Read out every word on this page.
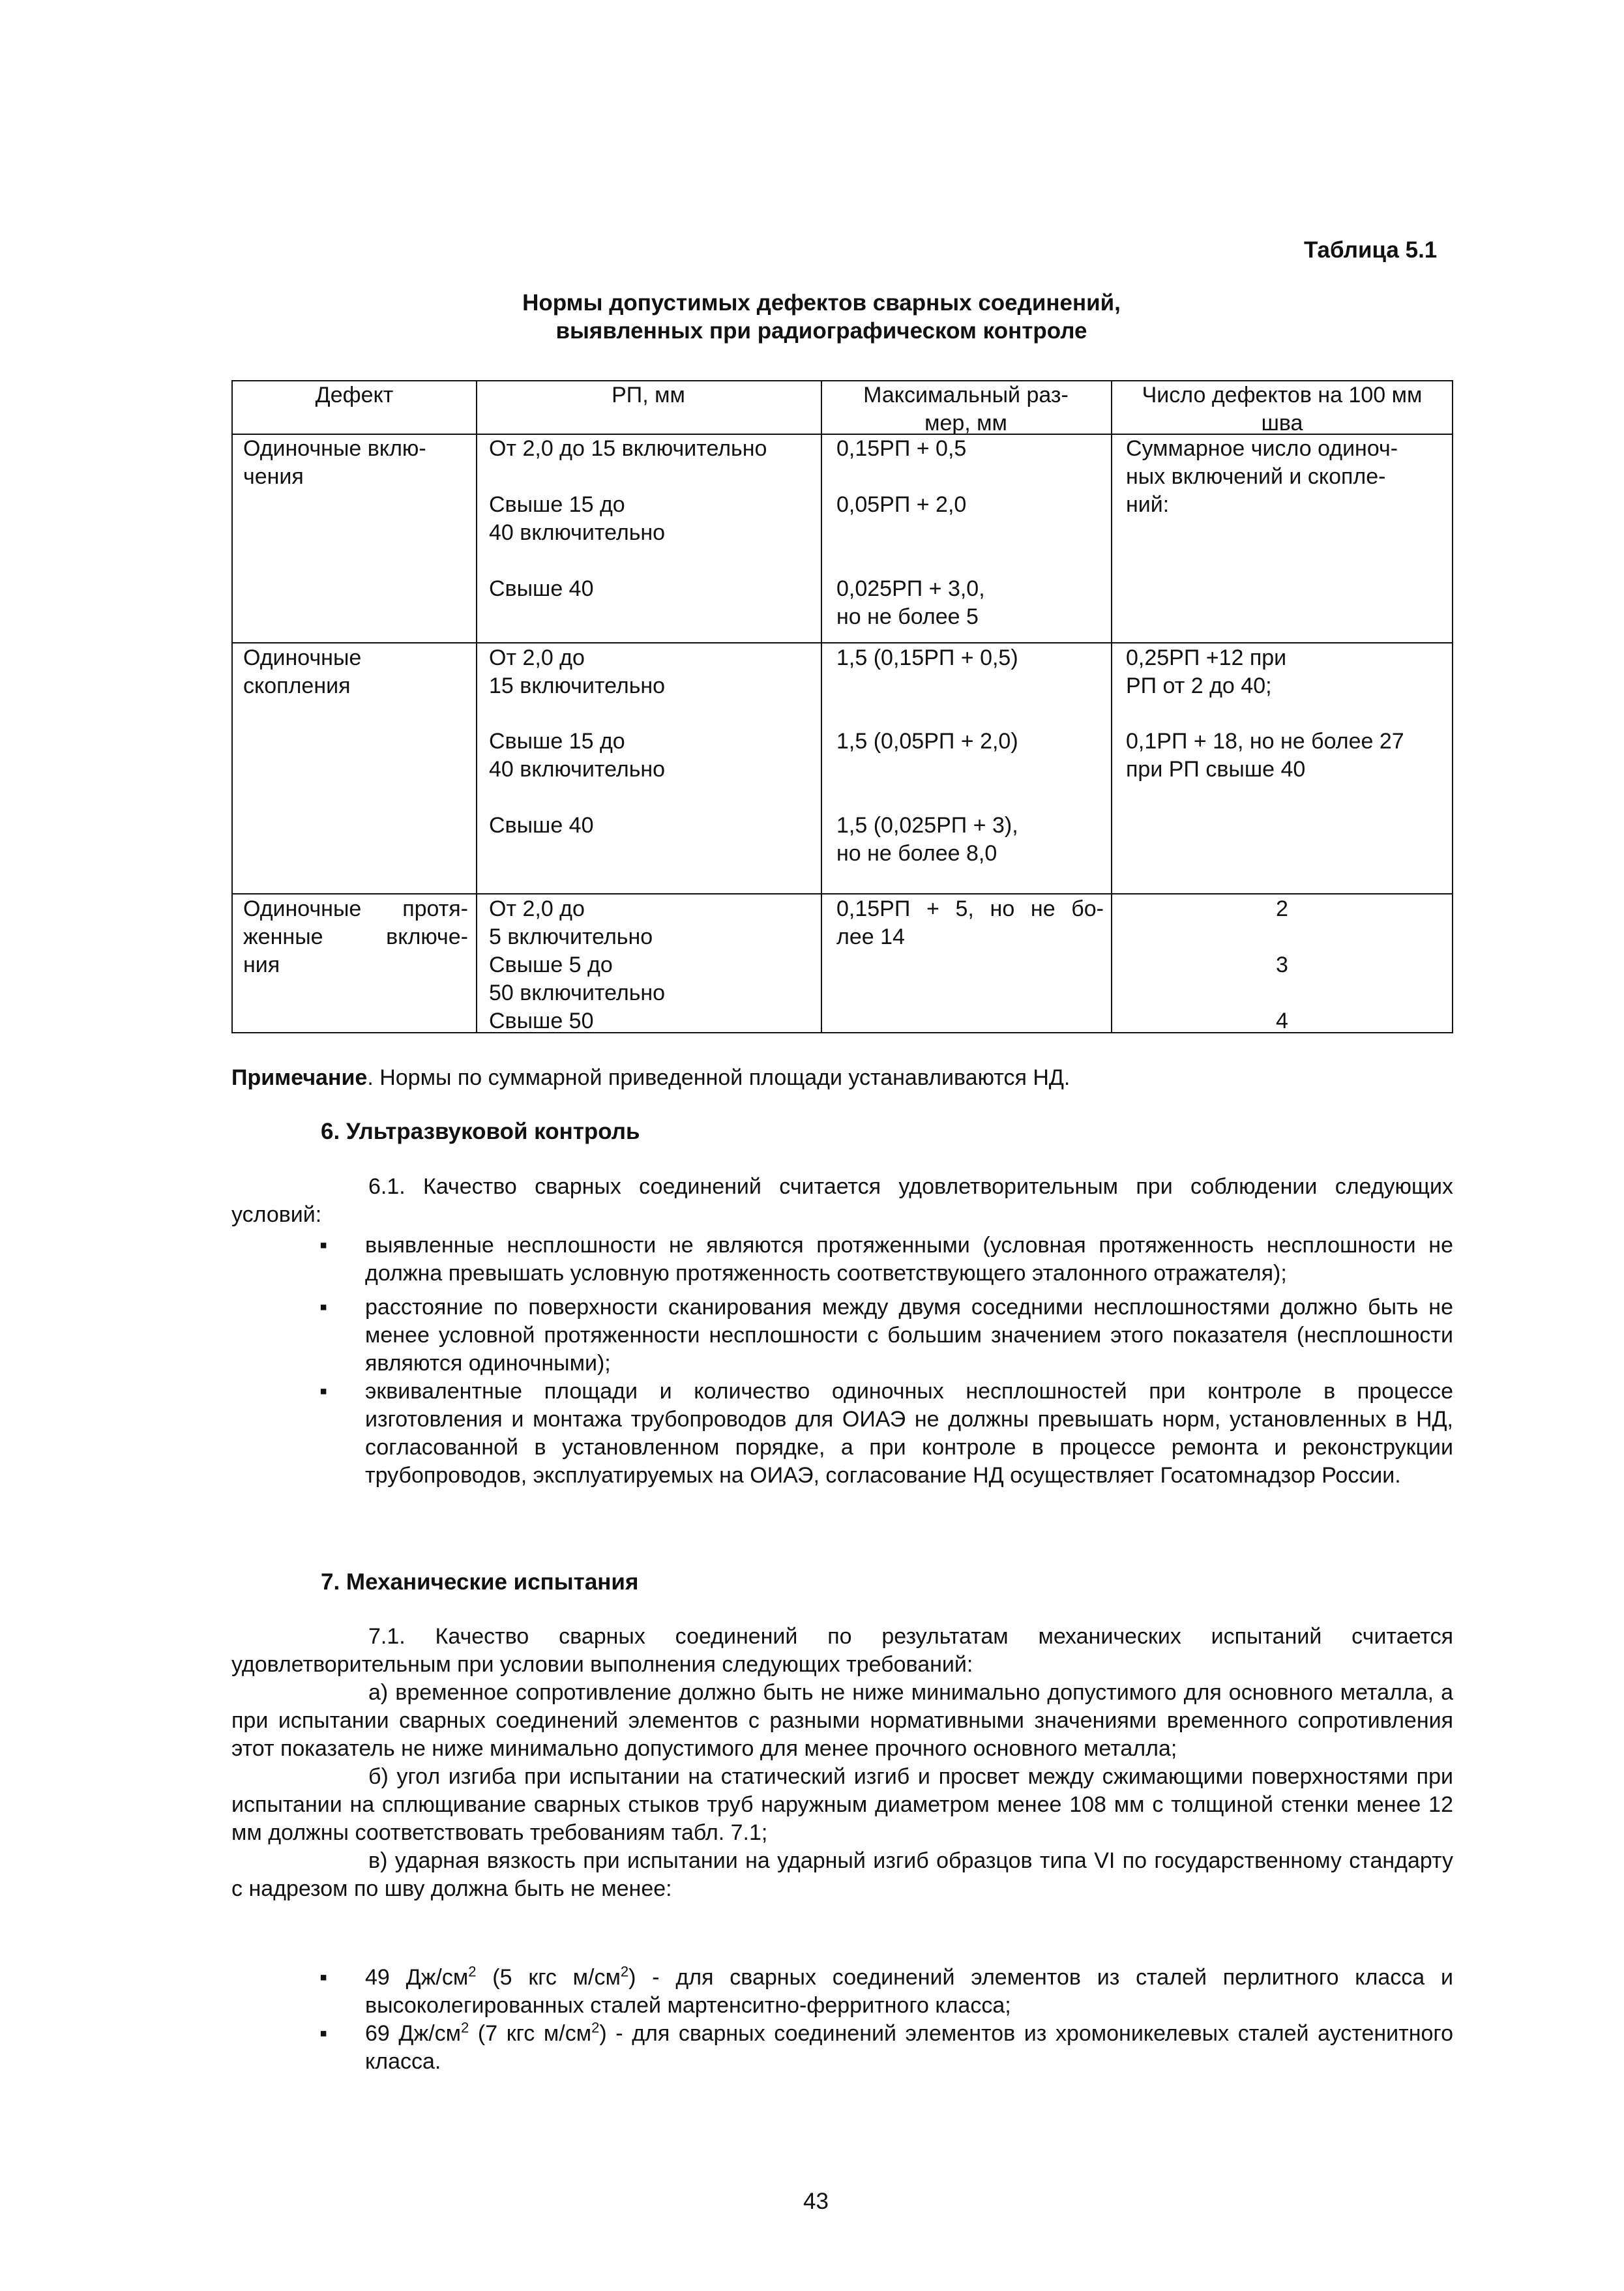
Таблица 5.1
Нормы допустимых дефектов сварных соединений,
выявленных при радиографическом контроле
Дефект	РП, мм	Максимальный раз-
мер, мм
Число дефектов на 100 мм
шва
Одиночные вклю-
чения
От 2,0 до 15 включительно
Свыше 15 до
40 включительно
Свыше 40
0,15РП + 0,5
0,05РП + 2,0
0,025РП + 3,0,
но не более 5
Суммарное число одиноч-
ных включений и скопле-
ний:
Одиночные
скопления
От 2,0 до
15 включительно
Свыше 15 до
40 включительно
Свыше 40
1,5 (0,15РП + 0,5)
1,5 (0,05РП + 2,0)
1,5 (0,025РП + 3),
но не более 8,0
0,25РП +12 при
РП от 2 до 40;
0,1РП + 18, но не более 27
при РП свыше 40
Одиночные протя-
женные включе-
ния
От 2,0 до
5 включительно
Свыше 5 до
50 включительно
Свыше 50
0,15РП + 5, но не бо-
лее 14
2
3
4
Примечание. Нормы по суммарной приведенной площади устанавливаются НД.
6. Ультразвуковой контроль
6.1. Качество сварных соединений считается удовлетворительным при соблюдении следующих условий:
▪ выявленные несплошности не являются протяженными (условная протяженность несплошности не должна превышать условную протяженность соответствующего эталонного отражателя);
▪ расстояние по поверхности сканирования между двумя соседними несплошностями должно быть не менее условной протяженности несплошности с большим значением этого показателя (несплошности являются одиночными);
▪ эквивалентные площади и количество одиночных несплошностей при контроле в процессе изготовления и монтажа трубопроводов для ОИАЭ не должны превышать норм, установленных в НД, согласованной в установленном порядке, а при контроле в процессе ремонта и реконструкции трубопроводов, эксплуатируемых на ОИАЭ, согласование НД осуществляет Госатомнадзор России.
7. Механические испытания
7.1. Качество сварных соединений по результатам механических испытаний считается удовлетворительным при условии выполнения следующих требований:
а) временное сопротивление должно быть не ниже минимально допустимого для основного металла, а при испытании сварных соединений элементов с разными нормативными значениями временного сопротивления этот показатель не ниже минимально допустимого для менее прочного основного металла;
б) угол изгиба при испытании на статический изгиб и просвет между сжимающими поверхностями при испытании на сплющивание сварных стыков труб наружным диаметром менее 108 мм с толщиной стенки менее 12 мм должны соответствовать требованиям табл. 7.1;
в) ударная вязкость при испытании на ударный изгиб образцов типа VI по государственному стандарту с надрезом по шву должна быть не менее:
▪ 49 $Дж/см^2$ (5 кгс $м/см^2$) - для сварных соединений элементов из сталей перлитного класса и высоколегированных сталей мартенситно-ферритного класса;
▪ 69 $Дж/см^2$ (7 кгс $м/см^2$) - для сварных соединений элементов из хромоникелевых сталей аустенитного класса.
43
